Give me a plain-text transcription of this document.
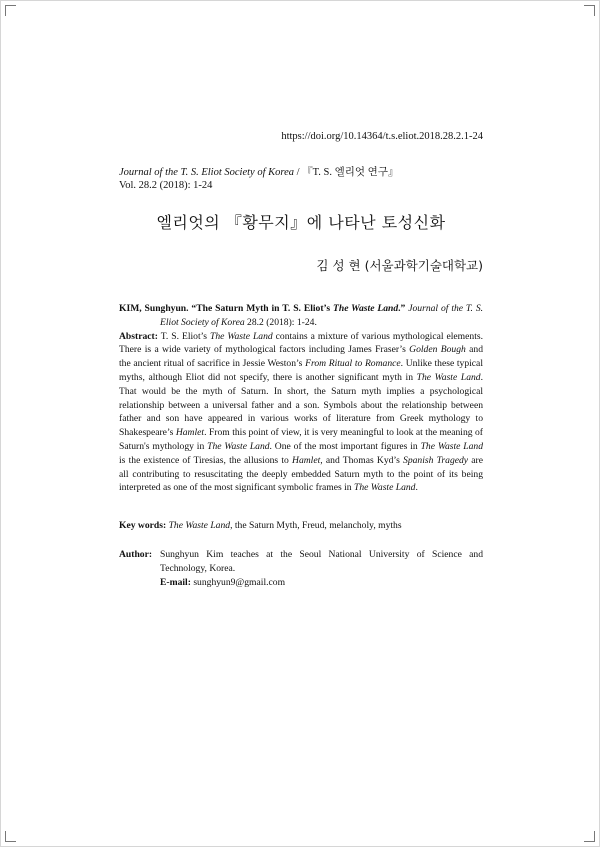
https://doi.org/10.14364/t.s.eliot.2018.28.2.1-24
Journal of the T. S. Eliot Society of Korea / 『T. S. 엘리엇 연구』
Vol. 28.2 (2018): 1-24
엘리엇의 『황무지』에 나타난 토성신화
김 성 현 (서울과학기술대학교)

KIM, Sunghyun. “The Saturn Myth in T. S. Eliot’s The Waste Land.” Journal of the T. S. Eliot Society of Korea 28.2 (2018): 1-24.

Abstract: T. S. Eliot’s The Waste Land contains a mixture of various mythological elements. There is a wide variety of mythological factors including James Fraser’s Golden Bough and the ancient ritual of sacrifice in Jessie Weston’s From Ritual to Romance. Unlike these typical myths, although Eliot did not specify, there is another significant myth in The Waste Land. That would be the myth of Saturn. In short, the Saturn myth implies a psychological relationship between a universal father and a son. Symbols about the relationship between father and son have appeared in various works of literature from Greek mythology to Shakespeare’s Hamlet. From this point of view, it is very meaningful to look at the meaning of Saturn's mythology in The Waste Land. One of the most important figures in The Waste Land is the existence of Tiresias, the allusions to Hamlet, and Thomas Kyd’s Spanish Tragedy are all contributing to resuscitating the deeply embedded Saturn myth to the point of its being interpreted as one of the most significant symbolic frames in The Waste Land.

Key words: The Waste Land, the Saturn Myth, Freud, melancholy, myths
Author: Sunghyun Kim teaches at the Seoul National University of Science and Technology, Korea.
E-mail: sunghyun9@gmail.com
